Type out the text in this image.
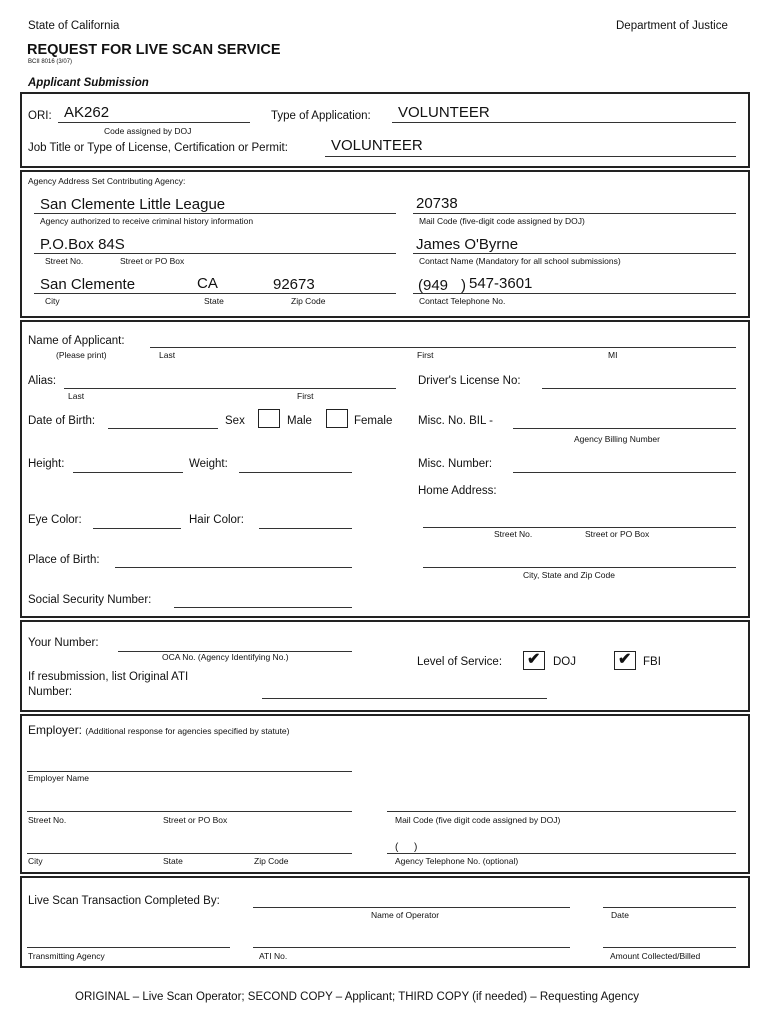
State of California	Department of Justice
REQUEST FOR LIVE SCAN SERVICE
BCII 8016 (3/07)
Applicant Submission
ORI: AK262
Code assigned by DOJ
Type of Application: VOLUNTEER
Job Title or Type of License, Certification or Permit:	VOLUNTEER
Agency Address Set Contributing Agency:
San Clemente Little League
Agency authorized to receive criminal history information
20738
Mail Code (five-digit code assigned by DOJ)
P.O.Box 84S
Street No.	Street or PO Box
James O'Byrne
Contact Name (Mandatory for all school submissions)
San Clemente	CA	92673
City	State	Zip Code
(949 ) 547-3601
Contact Telephone No.
Name of Applicant:
(Please print)	Last	First	MI
Alias:
Last	First
Driver's License No:
Date of Birth:	Sex	Male	Female Misc. No. BIL -
Agency Billing Number
Height:	Weight:	Misc. Number:
Home Address:
Eye Color:	Hair Color:
Street No.	Street or PO Box
Place of Birth:
City, State and Zip Code
Social Security Number:
Your Number:
OCA No. (Agency Identifying No.)	Level of Service: ✔ DOJ	✔ FBI
If resubmission, list Original ATI
Number:
Employer: (Additional response for agencies specified by statute)
Employer Name
Street No.	Street or PO Box	Mail Code (five digit code assigned by DOJ)
City	State	Zip Code
( )
Agency Telephone No. (optional)
Live Scan Transaction Completed By:
Name of Operator	Date
Transmitting Agency	ATI No.	Amount Collected/Billed
ORIGINAL – Live Scan Operator; SECOND COPY – Applicant; THIRD COPY (if needed) – Requesting Agency
